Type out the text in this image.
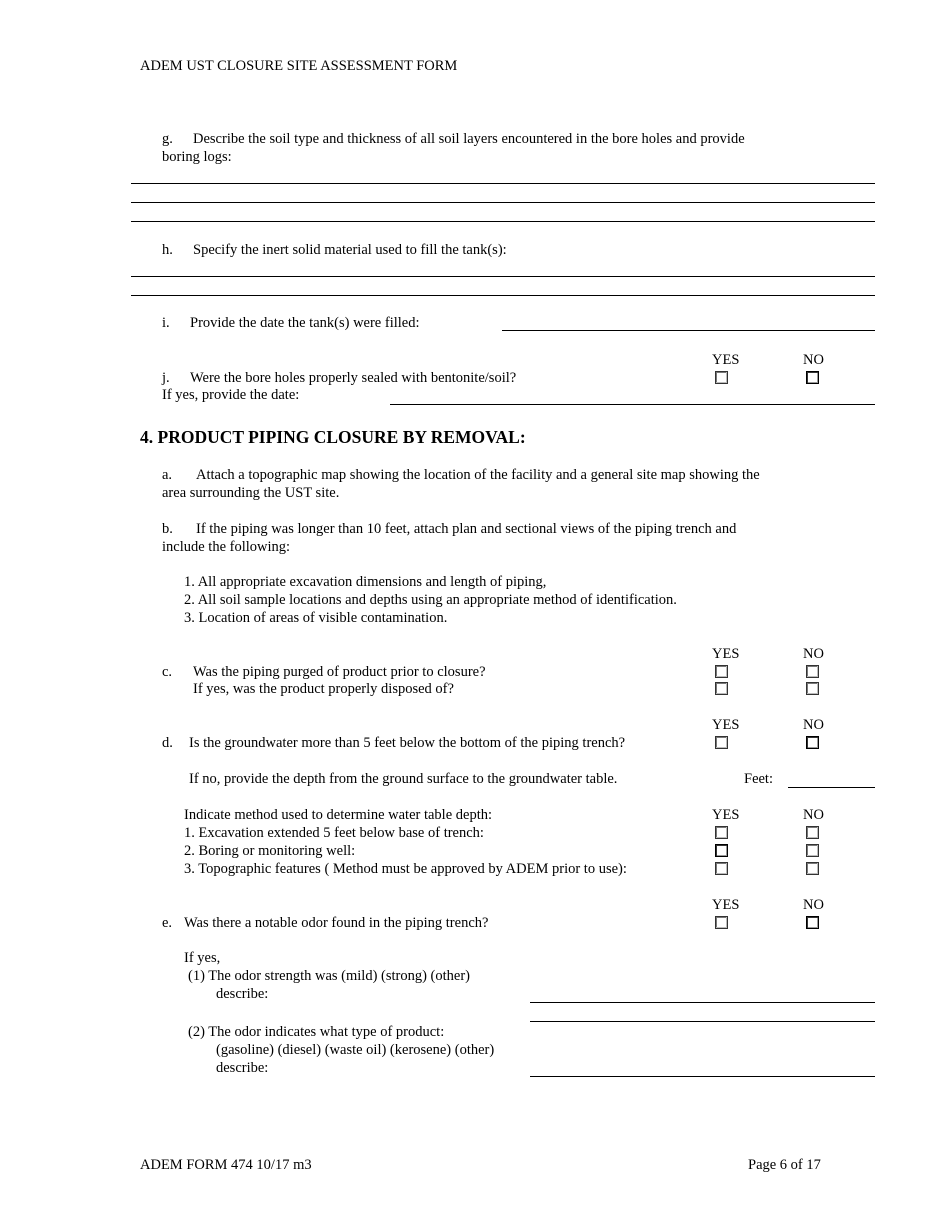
ADEM UST CLOSURE SITE ASSESSMENT FORM
g. Describe the soil type and thickness of all soil layers encountered in the bore holes and provide
boring logs:
h. Specify the inert solid material used to fill the tank(s):
i. Provide the date the tank(s) were filled:
YES	NO
j. Were the bore holes properly sealed with bentonite/soil?
If yes, provide the date:
4. PRODUCT PIPING CLOSURE BY REMOVAL:
a. Attach a topographic map showing the location of the facility and a general site map showing the
area surrounding the UST site.
b. If the piping was longer than 10 feet, attach plan and sectional views of the piping trench and
include the following:
1. All appropriate excavation dimensions and length of piping,
2. All soil sample locations and depths using an appropriate method of identification.
3. Location of areas of visible contamination.
YES	NO
c. Was the piping purged of product prior to closure?
If yes, was the product properly disposed of?
YES	NO
d. Is the groundwater more than 5 feet below the bottom of the piping trench?
If no, provide the depth from the ground surface to the groundwater table.	Feet:
Indicate method used to determine water table depth:	YES	NO
1. Excavation extended 5 feet below base of trench:
2. Boring or monitoring well:
3. Topographic features ( Method must be approved by ADEM prior to use):
YES	NO
e. Was there a notable odor found in the piping trench?
If yes,
(1) The odor strength was (mild) (strong) (other)
describe:
(2) The odor indicates what type of product:
(gasoline) (diesel) (waste oil) (kerosene) (other)
describe:
ADEM FORM 474 10/17 m3	Page 6 of 17
